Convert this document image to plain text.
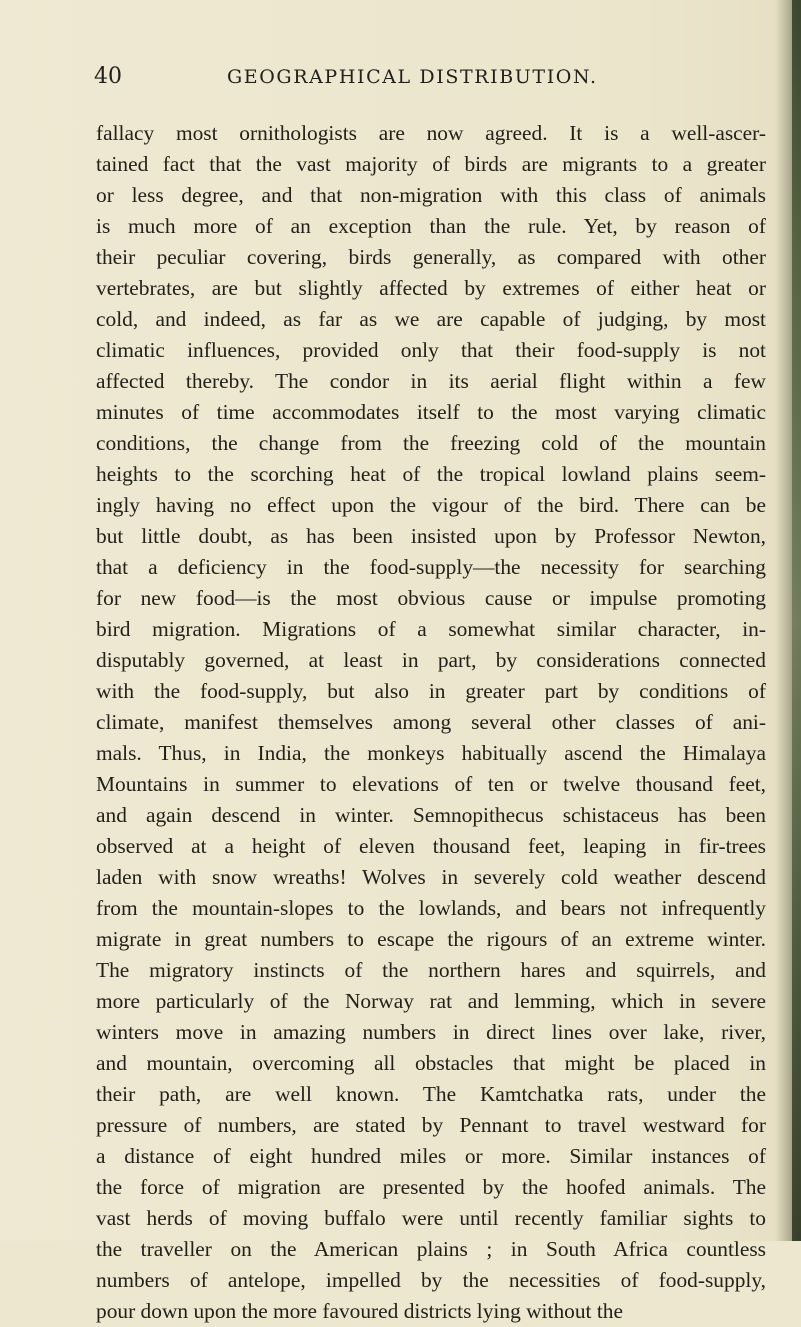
40	GEOGRAPHICAL DISTRIBUTION.
fallacy most ornithologists are now agreed. It is a well-ascer-
tained fact that the vast majority of birds are migrants to a greater
or less degree, and that non-migration with this class of animals
is much more of an exception than the rule. Yet, by reason of
their peculiar covering, birds generally, as compared with other
vertebrates, are but slightly affected by extremes of either heat or
cold, and indeed, as far as we are capable of judging, by most
climatic influences, provided only that their food-supply is not
affected thereby. The condor in its aerial flight within a few
minutes of time accommodates itself to the most varying climatic
conditions, the change from the freezing cold of the mountain
heights to the scorching heat of the tropical lowland plains seem-
ingly having no effect upon the vigour of the bird. There can be
but little doubt, as has been insisted upon by Professor Newton,
that a deficiency in the food-supply—the necessity for searching
for new food—is the most obvious cause or impulse promoting
bird migration. Migrations of a somewhat similar character, in-
disputably governed, at least in part, by considerations connected
with the food-supply, but also in greater part by conditions of
climate, manifest themselves among several other classes of ani-
mals. Thus, in India, the monkeys habitually ascend the Himalaya
Mountains in summer to elevations of ten or twelve thousand feet,
and again descend in winter. Semnopithecus schistaceus has been
observed at a height of eleven thousand feet, leaping in fir-trees
laden with snow wreaths! Wolves in severely cold weather descend
from the mountain-slopes to the lowlands, and bears not infrequently
migrate in great numbers to escape the rigours of an extreme winter.
The migratory instincts of the northern hares and squirrels, and
more particularly of the Norway rat and lemming, which in severe
winters move in amazing numbers in direct lines over lake, river,
and mountain, overcoming all obstacles that might be placed in
their path, are well known. The Kamtchatka rats, under the
pressure of numbers, are stated by Pennant to travel westward for
a distance of eight hundred miles or more. Similar instances of
the force of migration are presented by the hoofed animals. The
vast herds of moving buffalo were until recently familiar sights to
the traveller on the American plains ; in South Africa countless
numbers of antelope, impelled by the necessities of food-supply,
pour down upon the more favoured districts lying without the
